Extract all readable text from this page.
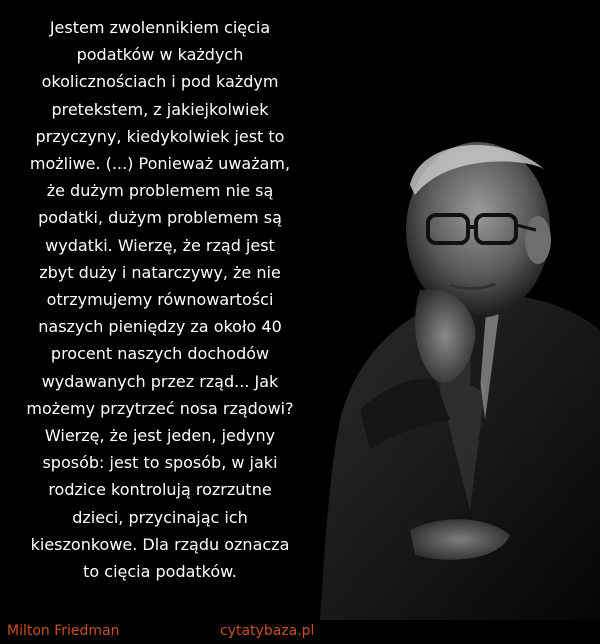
Jestem zwolennikiem cięcia
podatków w każdych
okolicznościach i pod każdym
pretekstem, z jakiejkolwiek
przyczyny, kiedykolwiek jest to
możliwe. (...) Ponieważ uważam,
że dużym problemem nie są
podatki, dużym problemem są
wydatki. Wierzę, że rząd jest
zbyt duży i natarczywy, że nie
otrzymujemy równowartości
naszych pieniędzy za około 40
procent naszych dochodów
wydawanych przez rząd... Jak
możemy przytrzeć nosa rządowi?
Wierzę, że jest jeden, jedyny
sposób: jest to sposób, w jaki
rodzice kontrolują rozrzutne
dzieci, przycinając ich
kieszonkowe. Dla rządu oznacza
to cięcia podatków.

Milton Friedman	cytatybaza.pl
